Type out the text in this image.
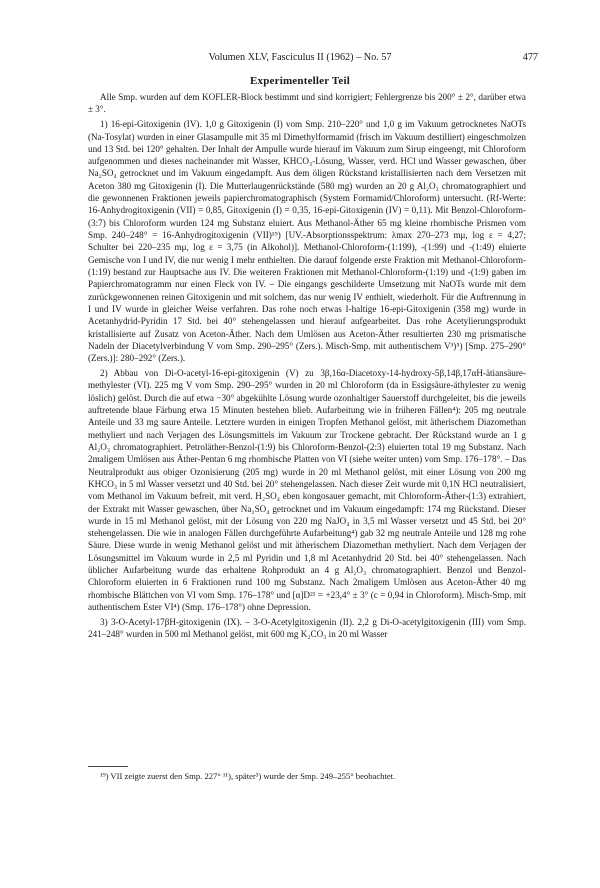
Volumen XLV, Fasciculus II (1962) – No. 57	477
Experimenteller Teil

Alle Smp. wurden auf dem KOFLER-Block bestimmt und sind korrigiert; Fehlergrenze bis 200° ± 2°, darüber etwa ± 3°.

1) 16-epi-Gitoxigenin (IV). 1,0 g Gitoxigenin (I) vom Smp. 210–220° und 1,0 g im Vakuum getrocknetes NaOTs (Na-Tosylat) wurden in einer Glasampulle mit 35 ml Dimethylformamid (frisch im Vakuum destilliert) eingeschmolzen und 13 Std. bei 120° gehalten. Der Inhalt der Ampulle wurde hierauf im Vakuum zum Sirup eingeengt, mit Chloroform aufgenommen und dieses nacheinander mit Wasser, KHCO₃-Lösung, Wasser, verd. HCl und Wasser gewaschen, über Na₂SO₄ getrocknet und im Vakuum eingedampft. Aus dem öligen Rückstand kristallisierten nach dem Versetzen mit Aceton 380 mg Gitoxigenin (I). Die Mutterlaugenrückstände (580 mg) wurden an 20 g Al₂O₃ chromatographiert und die gewonnenen Fraktionen jeweils papierchromatographisch (System Formamid/Chloroform) untersucht. (Rf-Werte: 16-Anhydrogitoxigenin (VII) = 0,85, Gitoxigenin (I) = 0,35, 16-epi-Gitoxigenin (IV) = 0,11). Mit Benzol-Chloroform-(3:7) bis Chloroform wurden 124 mg Substanz eluiert. Aus Methanol-Äther 65 mg kleine rhombische Prismen vom Smp. 240–248° = 16-Anhydrogitoxigenin (VII)¹⁹) [UV.-Absorptionsspektrum: λmax 270–273 mμ, log ε = 4,27; Schulter bei 220–235 mμ, log ε = 3,75 (in Alkohol)]. Methanol-Chloroform-(1:199), -(1:99) und -(1:49) eluierte Gemische von I und IV, die nur wenig I mehr enthielten. Die darauf folgende erste Fraktion mit Methanol-Chloroform-(1:19) bestand zur Hauptsache aus IV. Die weiteren Fraktionen mit Methanol-Chloroform-(1:19) und -(1:9) gaben im Papierchromatogramm nur einen Fleck von IV. – Die eingangs geschilderte Umsetzung mit NaOTs wurde mit dem zurückgewonnenen reinen Gitoxigenin und mit solchem, das nur wenig IV enthielt, wiederholt. Für die Auftrennung in I und IV wurde in gleicher Weise verfahren. Das rohe noch etwas I-haltige 16-epi-Gitoxigenin (358 mg) wurde in Acetanhydrid-Pyridin 17 Std. bei 40° stehengelassen und hierauf aufgearbeitet. Das rohe Acetylierungsprodukt kristallisierte auf Zusatz von Aceton-Äther. Nach dem Umlösen aus Aceton-Äther resultierten 230 mg prismatische Nadeln der Diacetylverbindung V vom Smp. 290–295° (Zers.). Misch-Smp. mit authentischem V³)⁵) [Smp. 275–290° (Zers.)]: 280–292° (Zers.).

2) Abbau von Di-O-acetyl-16-epi-gitoxigenin (V) zu 3β,16α-Diacetoxy-14-hydroxy-5β,14β,17αH-ätiansäure-methylester (VI). 225 mg V vom Smp. 290–295° wurden in 20 ml Chloroform (da in Essigsäure-äthylester zu wenig löslich) gelöst. Durch die auf etwa −30° abgekühlte Lösung wurde ozonhaltiger Sauerstoff durchgeleitet, bis die jeweils auftretende blaue Färbung etwa 15 Minuten bestehen blieb. Aufarbeitung wie in früheren Fällen⁴): 205 mg neutrale Anteile und 33 mg saure Anteile. Letztere wurden in einigen Tropfen Methanol gelöst, mit ätherischem Diazomethan methyliert und nach Verjagen des Lösungsmittels im Vakuum zur Trockene gebracht. Der Rückstand wurde an 1 g Al₂O₃ chromatographiert. Petroläther-Benzol-(1:9) bis Chloroform-Benzol-(2:3) eluierten total 19 mg Substanz. Nach 2maligem Umlösen aus Äther-Pentan 6 mg rhombische Platten von VI (siehe weiter unten) vom Smp. 176–178°. – Das Neutralprodukt aus obiger Ozonisierung (205 mg) wurde in 20 ml Methanol gelöst, mit einer Lösung von 200 mg KHCO₃ in 5 ml Wasser versetzt und 40 Std. bei 20° stehengelassen. Nach dieser Zeit wurde mit 0,1N HCl neutralisiert, vom Methanol im Vakuum befreit, mit verd. H₂SO₄ eben kongosauer gemacht, mit Chloroform-Äther-(1:3) extrahiert, der Extrakt mit Wasser gewaschen, über Na₂SO₄ getrocknet und im Vakuum eingedampft: 174 mg Rückstand. Dieser wurde in 15 ml Methanol gelöst, mit der Lösung von 220 mg NaJO₄ in 3,5 ml Wasser versetzt und 45 Std. bei 20° stehengelassen. Die wie in analogen Fällen durchgeführte Aufarbeitung⁴) gab 32 mg neutrale Anteile und 128 mg rohe Säure. Diese wurde in wenig Methanol gelöst und mit ätherischem Diazomethan methyliert. Nach dem Verjagen der Lösungsmittel im Vakuum wurde in 2,5 ml Pyridin und 1,8 ml Acetanhydrid 20 Std. bei 40° stehengelassen. Nach üblicher Aufarbeitung wurde das erhaltene Rohprodukt an 4 g Al₂O₃ chromatographiert. Benzol und Benzol-Chloroform eluierten in 6 Fraktionen rund 100 mg Substanz. Nach 2maligem Umlösen aus Aceton-Äther 40 mg rhombische Blättchen von VI vom Smp. 176–178° und [α]D²¹ = +23,4° ± 3° (c = 0,94 in Chloroform). Misch-Smp. mit authentischem Ester VI⁴) (Smp. 176–178°) ohne Depression.

3) 3-O-Acetyl-17βH-gitoxigenin (IX). – 3-O-Acetylgitoxigenin (II). 2,2 g Di-O-acetylgitoxigenin (III) vom Smp. 241–248° wurden in 500 ml Methanol gelöst, mit 600 mg K₂CO₃ in 20 ml Wasser

¹⁹) VII zeigte zuerst den Smp. 227° ¹¹), später³) wurde der Smp. 249–255° beobachtet.
